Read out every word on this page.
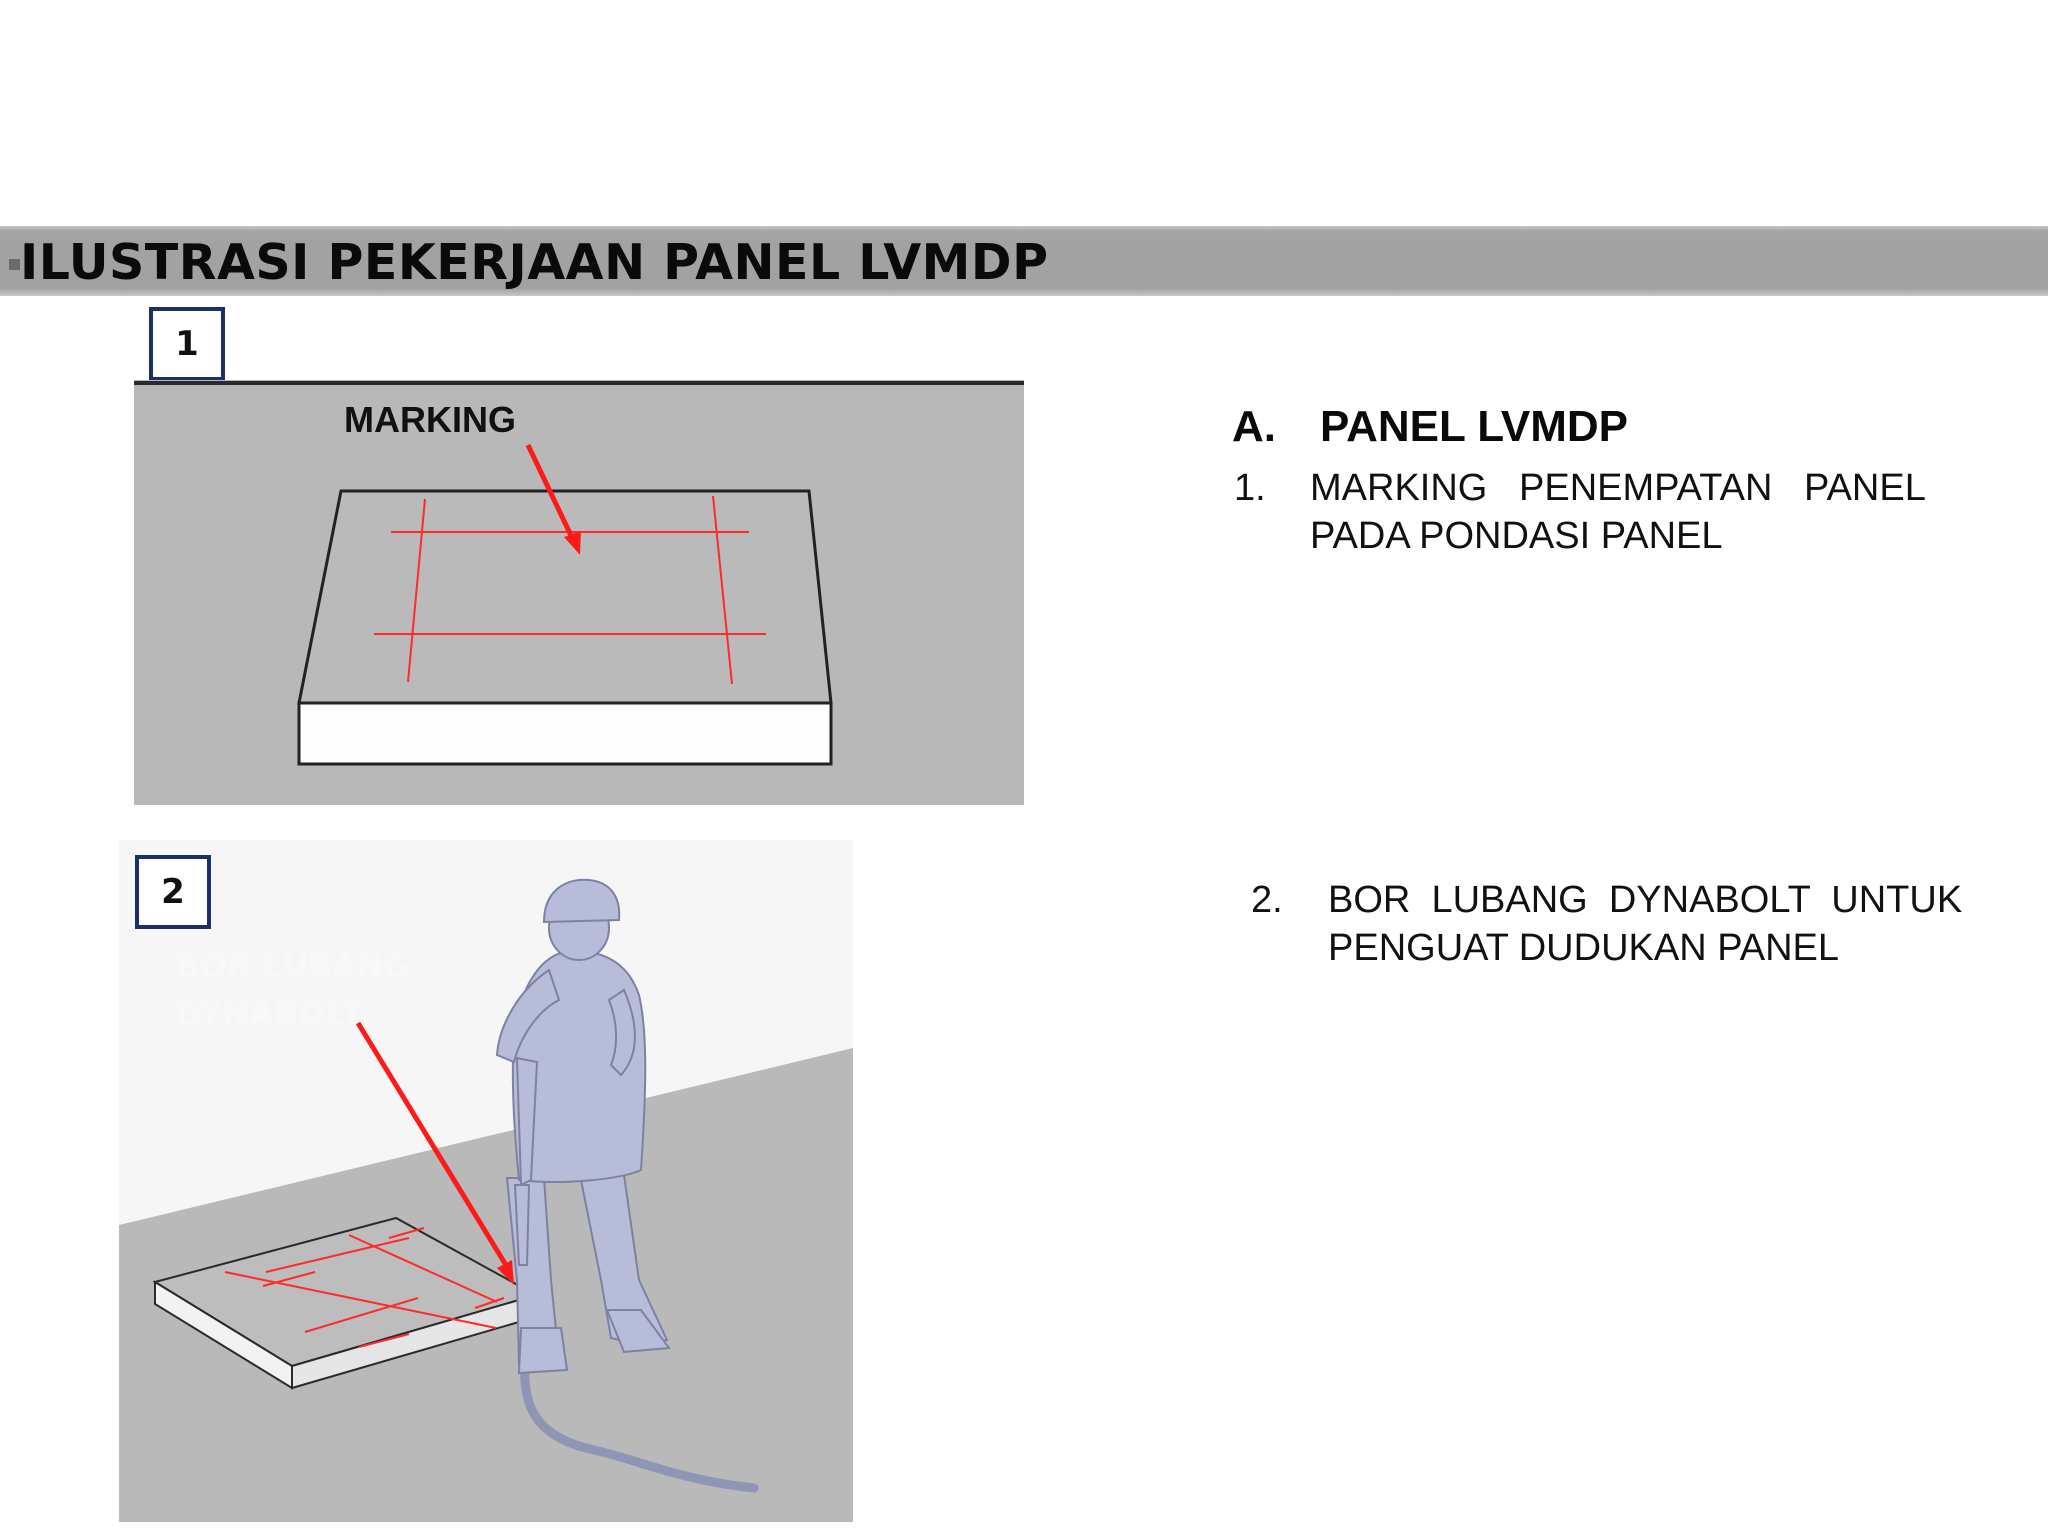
ILUSTRASI PEKERJAAN PANEL LVMDP
1
MARKING
BOR LUBANG
DYNABOLT
2
A. PANEL LVMDP
1. MARKING   PENEMPATAN   PANEL
PADA PONDASI PANEL
2. BOR  LUBANG  DYNABOLT  UNTUK
PENGUAT DUDUKAN PANEL
